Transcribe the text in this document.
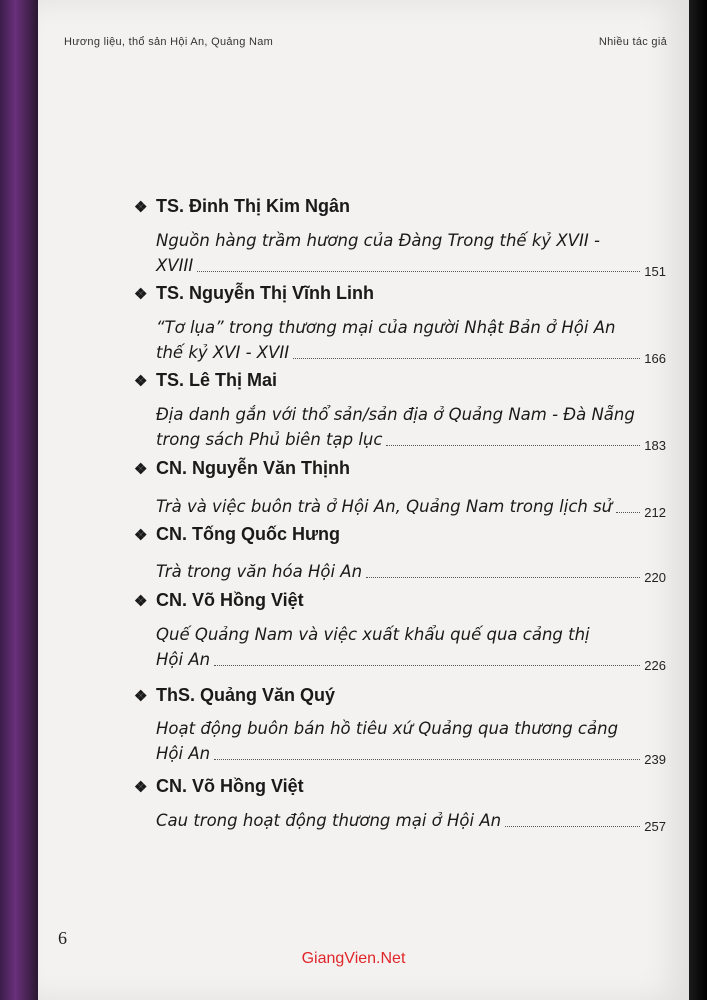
Hương liệu, thổ sản Hội An, Quảng Nam	Nhiều tác giả
❖ TS. Đinh Thị Kim Ngân
Nguồn hàng trầm hương của Đàng Trong thế kỷ XVII -
XVIII	151
❖ TS. Nguyễn Thị Vĩnh Linh
“Tơ lụa” trong thương mại của người Nhật Bản ở Hội An
thế kỷ XVI - XVII	166
❖ TS. Lê Thị Mai
Địa danh gắn với thổ sản/sản địa ở Quảng Nam - Đà Nẵng
trong sách Phủ biên tạp lục	183
❖ CN. Nguyễn Văn Thịnh
Trà và việc buôn trà ở Hội An, Quảng Nam trong lịch sử 212
❖ CN. Tống Quốc Hưng
Trà trong văn hóa Hội An	220
❖ CN. Võ Hồng Việt
Quế Quảng Nam và việc xuất khẩu quế qua cảng thị
Hội An	226
❖ ThS. Quảng Văn Quý
Hoạt động buôn bán hồ tiêu xứ Quảng qua thương cảng
Hội An	239
❖ CN. Võ Hồng Việt
Cau trong hoạt động thương mại ở Hội An	257
6
GiangVien.Net
